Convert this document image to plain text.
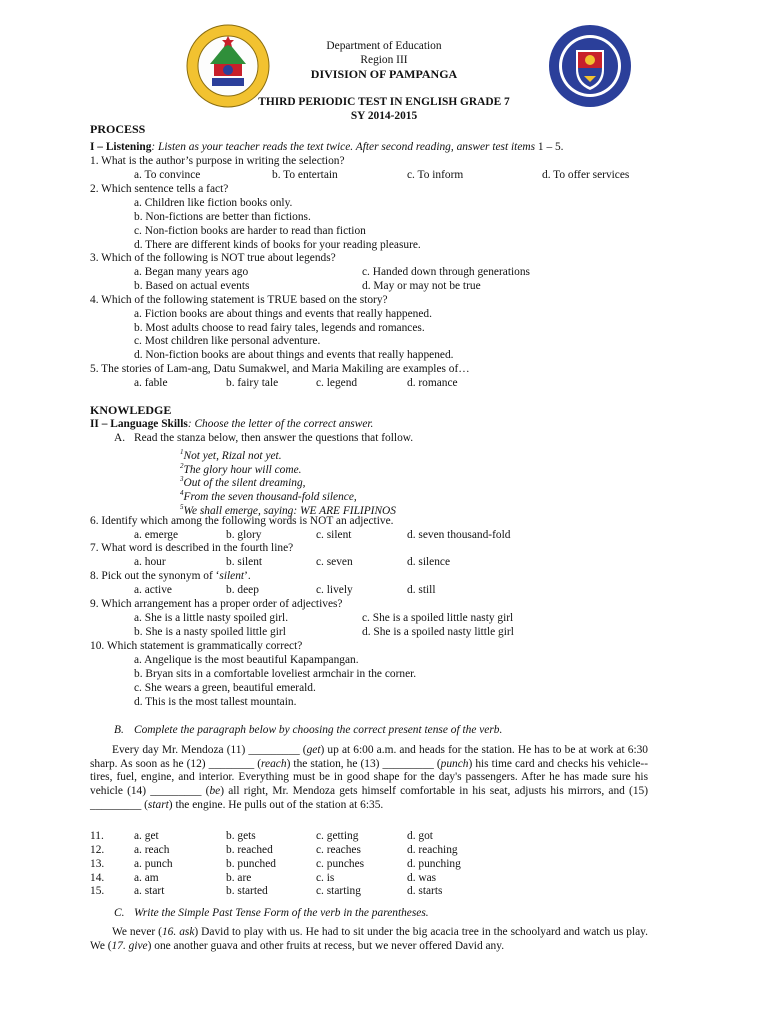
Department of Education
Region III
DIVISION OF PAMPANGA
THIRD PERIODIC TEST IN ENGLISH GRADE 7
SY 2014-2015
PROCESS
I – Listening: Listen as your teacher reads the text twice. After second reading, answer test items 1 – 5.
1. What is the author’s purpose in writing the selection?
a. To convince	b. To entertain	c. To inform	d. To offer services
2. Which sentence tells a fact?
a. Children like fiction books only.
b. Non-fictions are better than fictions.
c. Non-fiction books are harder to read than fiction
d. There are different kinds of books for your reading pleasure.
3. Which of the following is NOT true about legends?
a. Began many years ago	c. Handed down through generations
b. Based on actual events	d. May or may not be true
4. Which of the following statement is TRUE based on the story?
a. Fiction books are about things and events that really happened.
b. Most adults choose to read fairy tales, legends and romances.
c. Most children like personal adventure.
d. Non-fiction books are about things and events that really happened.
5. The stories of Lam-ang, Datu Sumakwel, and Maria Makiling are examples of…
a. fable	b. fairy tale	c. legend	d. romance
KNOWLEDGE
II – Language Skills: Choose the letter of the correct answer.
A. Read the stanza below, then answer the questions that follow.
$^1$Not yet, Rizal not yet.
$^2$The glory hour will come.
$^3$Out of the silent dreaming,
$^4$From the seven thousand-fold silence,
$^5$We shall emerge, saying: WE ARE FILIPINOS
6. Identify which among the following words is NOT an adjective.
a. emerge	b. glory	c. silent	d. seven thousand-fold
7. What word is described in the fourth line?
a. hour	b. silent	c. seven	d. silence
8. Pick out the synonym of ‘silent’.
a. active	b. deep	c. lively	d. still
9. Which arrangement has a proper order of adjectives?
a. She is a little nasty spoiled girl.	c. She is a spoiled little nasty girl
b. She is a nasty spoiled little girl	d. She is a spoiled nasty little girl
10. Which statement is grammatically correct?
a. Angelique is the most beautiful Kapampangan.
b. Bryan sits in a comfortable loveliest armchair in the corner.
c. She wears a green, beautiful emerald.
d. This is the most tallest mountain.
B. Complete the paragraph below by choosing the correct present tense of the verb.
Every day Mr. Mendoza (11) _________ (get) up at 6:00 a.m. and heads for the station. He has to be at work at 6:30 sharp. As soon as he (12) ________ (reach) the station, he (13) _________ (punch) his time card and checks his vehicle--tires, fuel, engine, and interior. Everything must be in good shape for the day's passengers. After he has made sure his vehicle (14) _________ (be) all right, Mr. Mendoza gets himself comfortable in his seat, adjusts his mirrors, and (15) _________ (start) the engine. He pulls out of the station at 6:35.
11.	a. get	b. gets	c. getting	d. got
12.	a. reach	b. reached	c. reaches	d. reaching
13.	a. punch	b. punched	c. punches	d. punching
14.	a. am	b. are	c. is	d. was
15.	a. start	b. started	c. starting	d. starts
C. Write the Simple Past Tense Form of the verb in the parentheses.
We never (16. ask) David to play with us. He had to sit under the big acacia tree in the schoolyard and watch us play. We (17. give) one another guava and other fruits at recess, but we never offered David any.
